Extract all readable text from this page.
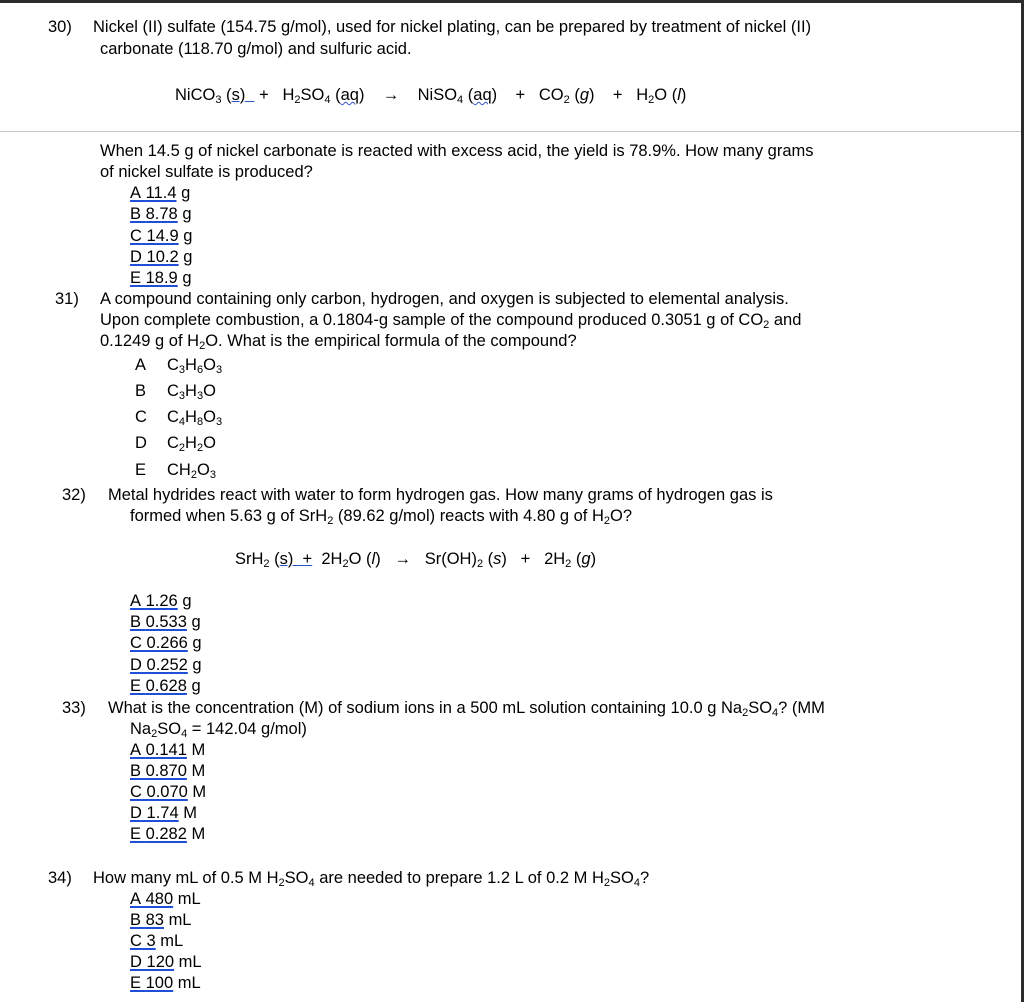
30) Nickel (II) sulfate (154.75 g/mol), used for nickel plating, can be prepared by treatment of nickel (II)
carbonate (118.70 g/mol) and sulfuric acid.
NiCO$_3$ $(s) + H_2SO_4$ (aq)    →    NiSO$_4$ (aq)    +   $CO_2$ (g)    +   $H_2O$ (l)
When 14.5 g of nickel carbonate is reacted with excess acid, the yield is 78.9%. How many grams
of nickel sulfate is produced?
A 11.4 g
B 8.78 g
C 14.9 g
D 10.2 g
E 18.9 g
31) A compound containing only carbon, hydrogen, and oxygen is subjected to elemental analysis.
Upon complete combustion, a 0.1804-g sample of the compound produced 0.3051 g of $CO_2$ and
0.1249 g of $H_2O$. What is the empirical formula of the compound?
A $C_3H_6O_3$
B $C_3H_3O$
C $C_4H_8O_3$
D $C_2H_2O$
E $CH_2O_3$
32) Metal hydrides react with water to form hydrogen gas. How many grams of hydrogen gas is
formed when 5.63 g of SrH$_2$ (89.62 g/mol) reacts with 4.80 g of $H_2O$?
SrH$_2$ $(s) + 2H_2O$ $(l) \to Sr(OH)_2$ $(s) + 2H_2$ (g)
A 1.26 g
B 0.533 g
C 0.266 g
D 0.252 g
E 0.628 g
33) What is the concentration (M) of sodium ions in a 500 mL solution containing 10.0 g $Na_2SO_4$? (MM
$Na_2SO_4 = 142.04$ g/mol)
A 0.141 M
B 0.870 M
C 0.070 M
D 1.74 M
E 0.282 M
34) How many mL of 0.5 M $H_2SO_4$ are needed to prepare 1.2 L of 0.2 M $H_2SO_4$?
A 480 mL
B 83 mL
C 3 mL
D 120 mL
E 100 mL
